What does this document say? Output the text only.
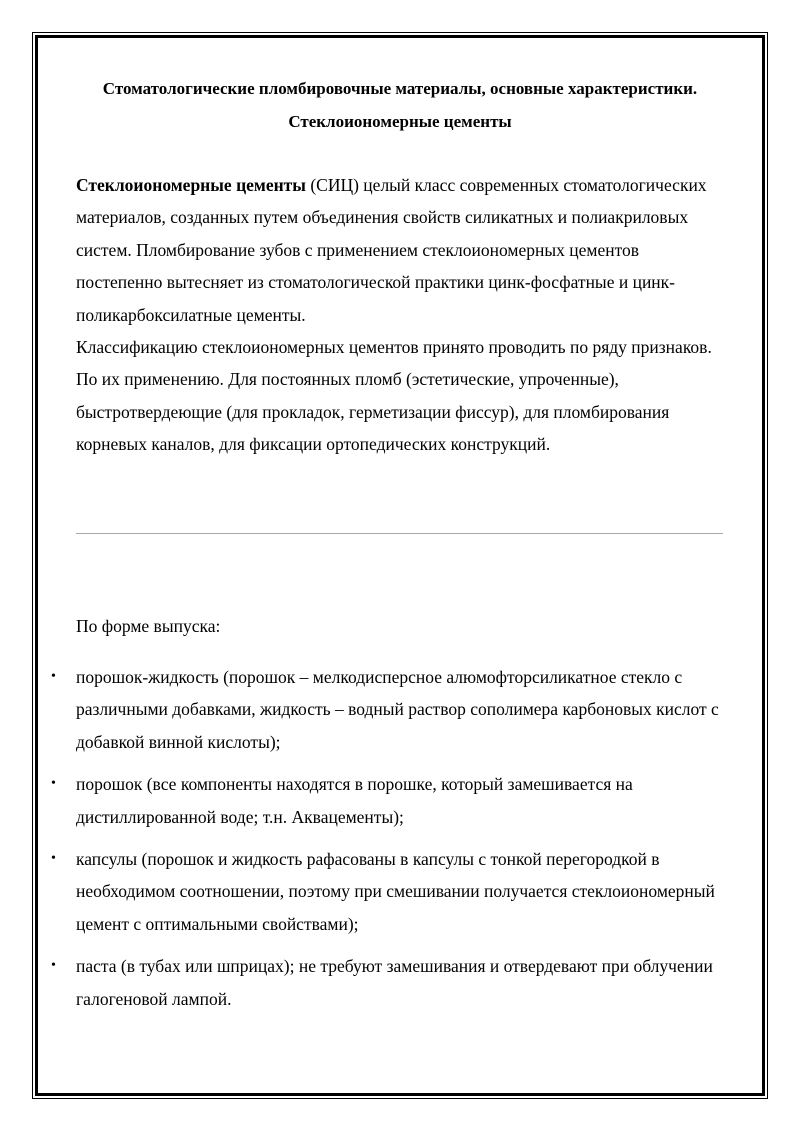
Стоматологические пломбировочные материалы, основные характеристики. Стеклоиономерные цементы

Стеклоиономерные цементы (СИЦ) целый класс современных стоматологических материалов, созданных путем объединения свойств силикатных и полиакриловых систем. Пломбирование зубов с применением стеклоиономерных цементов постепенно вытесняет из стоматологической практики цинк-фосфатные и цинк-поликарбоксилатные цементы.

Классификацию стеклоиономерных цементов принято проводить по ряду признаков.

По их применению. Для постоянных пломб (эстетические, упроченные), быстротвердеющие (для прокладок, герметизации фиссур), для пломбирования корневых каналов, для фиксации ортопедических конструкций.

По форме выпуска:

• порошок-жидкость (порошок – мелкодисперсное алюмофторсиликатное стекло с различными добавками, жидкость – водный раствор сополимера карбоновых кислот с добавкой винной кислоты);
• порошок (все компоненты находятся в порошке, который замешивается на дистиллированной воде; т.н. Аквацементы);
• капсулы (порошок и жидкость рафасованы в капсулы с тонкой перегородкой в необходимом соотношении, поэтому при смешивании получается стеклоиономерный цемент с оптимальными свойствами);
• паста (в тубах или шприцах); не требуют замешивания и отвердевают при облучении галогеновой лампой.
